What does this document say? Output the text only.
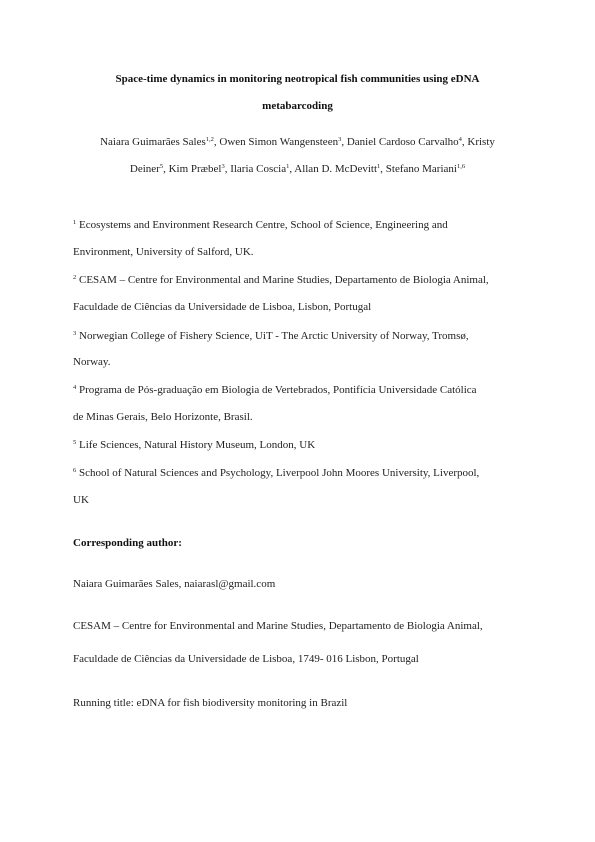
Space-time dynamics in monitoring neotropical fish communities using eDNA
metabarcoding
Naiara Guimarães Sales$^{1,2}$, Owen Simon Wangensteen$^3$, Daniel Cardoso Carvalho$^4$, Kristy
Deiner$^5$, Kim Præbel$^3$, Ilaria Coscia$^1$, Allan D. McDevitt$^1$, Stefano Mariani$^{1,6}$
$^1$ Ecosystems and Environment Research Centre, School of Science, Engineering and
Environment, University of Salford, UK.
$^2$ CESAM – Centre for Environmental and Marine Studies, Departamento de Biologia Animal,
Faculdade de Ciências da Universidade de Lisboa, Lisbon, Portugal
$^3$ Norwegian College of Fishery Science, UiT - The Arctic University of Norway, Tromsø,
Norway.
$^4$ Programa de Pós-graduação em Biologia de Vertebrados, Pontifícia Universidade Católica
de Minas Gerais, Belo Horizonte, Brasil.
$^5$ Life Sciences, Natural History Museum, London, UK
$^6$ School of Natural Sciences and Psychology, Liverpool John Moores University, Liverpool,
UK
Corresponding author:
Naiara Guimarães Sales, naiarasl@gmail.com
CESAM – Centre for Environmental and Marine Studies, Departamento de Biologia Animal,
Faculdade de Ciências da Universidade de Lisboa, 1749- 016 Lisbon, Portugal
Running title: eDNA for fish biodiversity monitoring in Brazil
